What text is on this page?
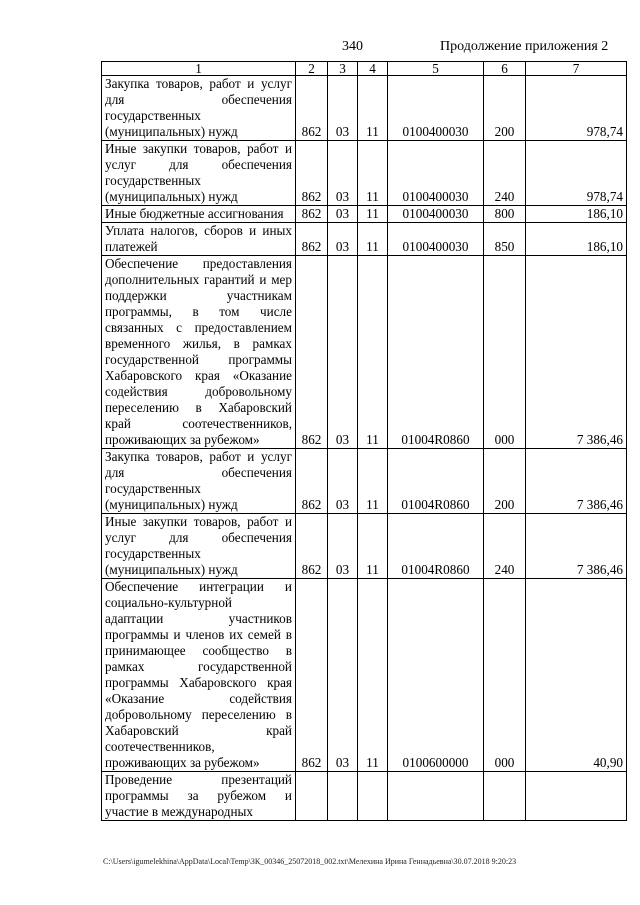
340	Продолжение приложения 2
1	2	3	4	5	6	7
Закупка товаров, работ и услуг для обеспечения государственных (муниципальных) нужд	862	03	11	0100400030	200	978,74
Иные закупки товаров, работ и услуг для обеспечения государственных (муниципальных) нужд	862	03	11	0100400030	240	978,74
Иные бюджетные ассигнования	862	03	11	0100400030	800	186,10
Уплата налогов, сборов и иных платежей	862	03	11	0100400030	850	186,10
Обеспечение предоставления дополнительных гарантий и мер поддержки участникам программы, в том числе связанных с предоставлением временного жилья, в рамках государственной программы Хабаровского края «Оказание содействия добровольному переселению в Хабаровский край соотечественников, проживающих за рубежом»	862	03	11	01004R0860	000	7 386,46
Закупка товаров, работ и услуг для обеспечения государственных (муниципальных) нужд	862	03	11	01004R0860	200	7 386,46
Иные закупки товаров, работ и услуг для обеспечения государственных (муниципальных) нужд	862	03	11	01004R0860	240	7 386,46
Обеспечение интеграции и социально-культурной адаптации участников программы и членов их семей в принимающее сообщество в рамках государственной программы Хабаровского края «Оказание содействия добровольному переселению в Хабаровский край соотечественников, проживающих за рубежом»	862	03	11	0100600000	000	40,90
Проведение презентаций программы за рубежом и участие в международных						
C:\Users\igumelekhina\AppData\Local\Temp\ЗК_00346_25072018_002.txt\Мелехина Ирина Геннадьевна\30.07.2018 9:20:23
